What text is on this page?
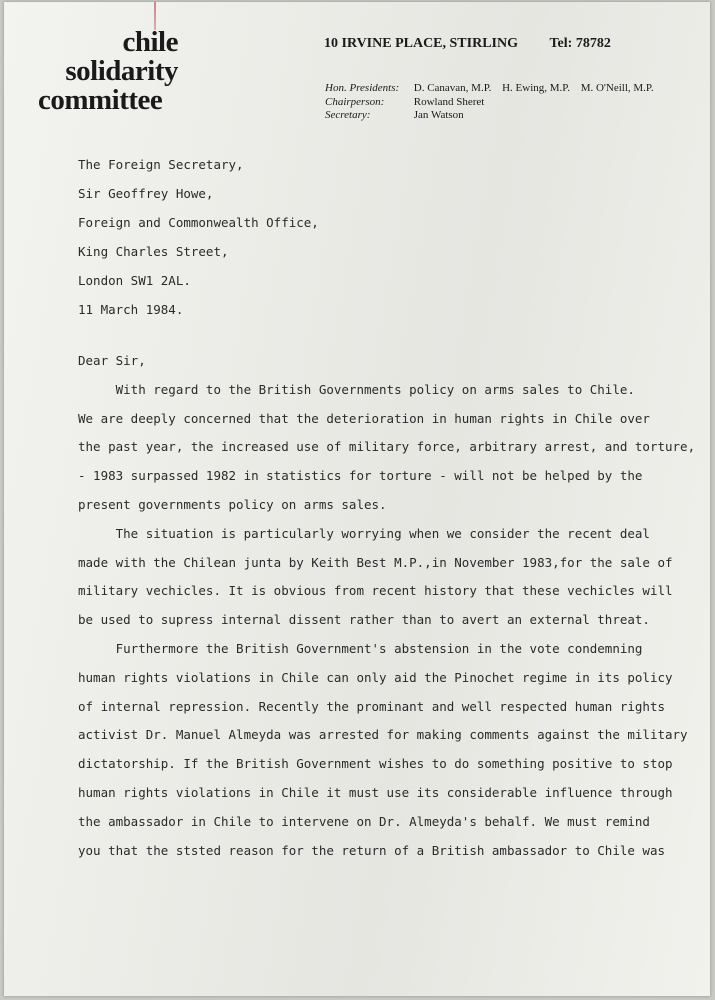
chile
solidarity
committee
10 IRVINE PLACE, STIRLING Tel: 78782
Hon. Presidents: D. Canavan, M.P. H. Ewing, M.P. M. O'Neill, M.P.
Chairperson:	Rowland Sheret
Secretary:	Jan Watson
The Foreign Secretary,
Sir Geoffrey Howe,
Foreign and Commonwealth Office,
King Charles Street,
London SW1 2AL.
11 March 1984.
Dear Sir,
With regard to the British Governments policy on arms sales to Chile.
We are deeply concerned that the deterioration in human rights in Chile over
the past year, the increased use of military force, arbitrary arrest, and torture,
- 1983 surpassed 1982 in statistics for torture - will not be helped by the
present governments policy on arms sales.
The situation is particularly worrying when we consider the recent deal
made with the Chilean junta by Keith Best M.P.,in November 1983,for the sale of
military vechicles. It is obvious from recent history that these vechicles will
be used to supress internal dissent rather than to avert an external threat.
Furthermore the British Government's abstension in the vote condemning
human rights violations in Chile can only aid the Pinochet regime in its policy
of internal repression. Recently the prominant and well respected human rights
activist Dr. Manuel Almeyda was arrested for making comments against the military
dictatorship. If the British Government wishes to do something positive to stop
human rights violations in Chile it must use its considerable influence through
the ambassador in Chile to intervene on Dr. Almeyda's behalf. We must remind
you that the ststed reason for the return of a British ambassador to Chile was
